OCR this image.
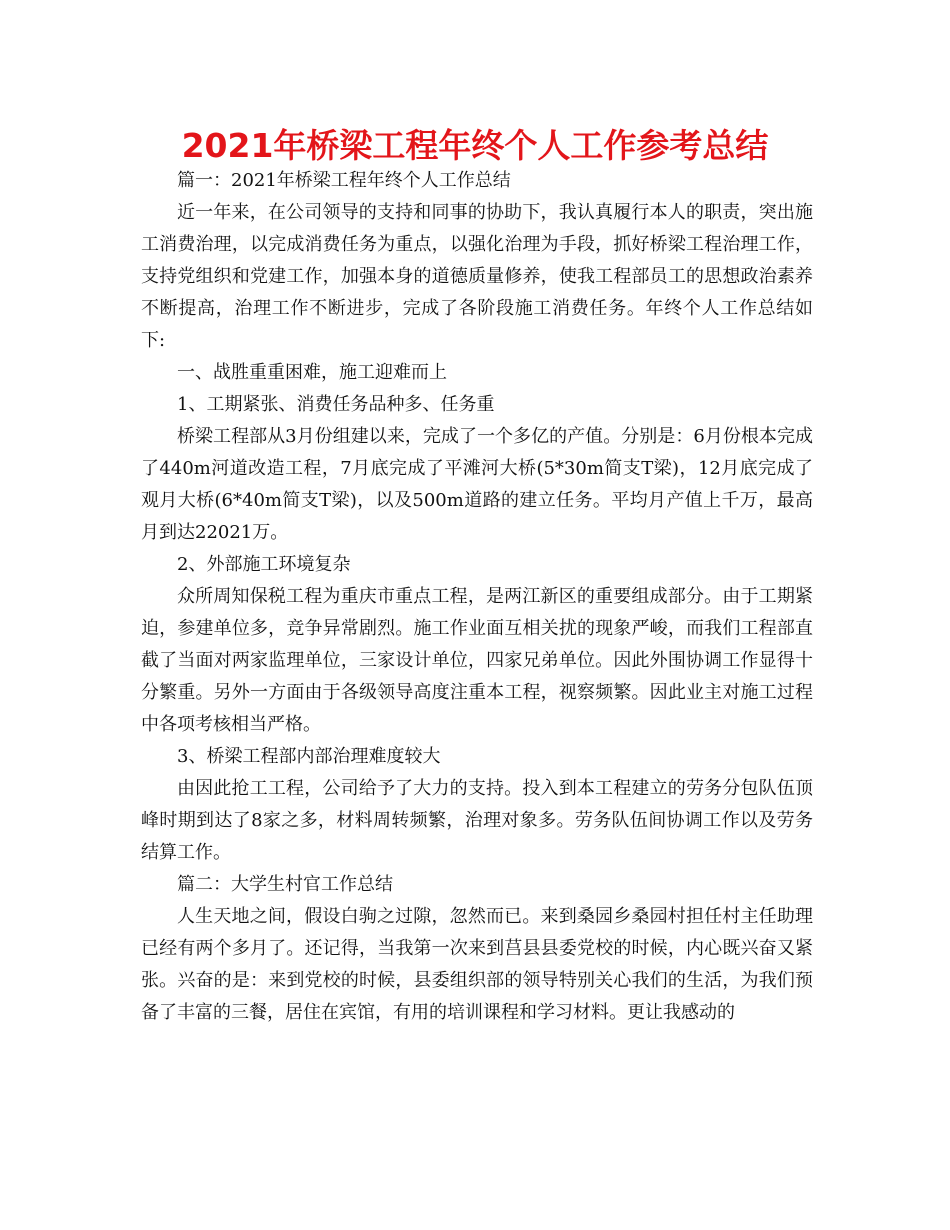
2021年桥梁工程年终个人工作参考总结

篇一：2021年桥梁工程年终个人工作总结

近一年来，在公司领导的支持和同事的协助下，我认真履行本人的职责，突出施工消费治理，以完成消费任务为重点，以强化治理为手段，抓好桥梁工程治理工作，支持党组织和党建工作，加强本身的道德质量修养，使我工程部员工的思想政治素养不断提高，治理工作不断进步，完成了各阶段施工消费任务。年终个人工作总结如下:

一、战胜重重困难，施工迎难而上

1、工期紧张、消费任务品种多、任务重

桥梁工程部从3月份组建以来，完成了一个多亿的产值。分别是：6月份根本完成了440m河道改造工程，7月底完成了平滩河大桥(5*30m简支T梁)，12月底完成了观月大桥(6*40m简支T梁)，以及500m道路的建立任务。平均月产值上千万，最高月到达22021万。

2、外部施工环境复杂

众所周知保税工程为重庆市重点工程，是两江新区的重要组成部分。由于工期紧迫，参建单位多，竞争异常剧烈。施工作业面互相关扰的现象严峻，而我们工程部直截了当面对两家监理单位，三家设计单位，四家兄弟单位。因此外围协调工作显得十分繁重。另外一方面由于各级领导高度注重本工程，视察频繁。因此业主对施工过程中各项考核相当严格。

3、桥梁工程部内部治理难度较大

由因此抢工工程，公司给予了大力的支持。投入到本工程建立的劳务分包队伍顶峰时期到达了8家之多，材料周转频繁，治理对象多。劳务队伍间协调工作以及劳务结算工作。

篇二：大学生村官工作总结

人生天地之间，假设白驹之过隙，忽然而已。来到桑园乡桑园村担任村主任助理已经有两个多月了。还记得，当我第一次来到莒县县委党校的时候，内心既兴奋又紧张。兴奋的是：来到党校的时候，县委组织部的领导特别关心我们的生活，为我们预备了丰富的三餐，居住在宾馆，有用的培训课程和学习材料。更让我感动的
